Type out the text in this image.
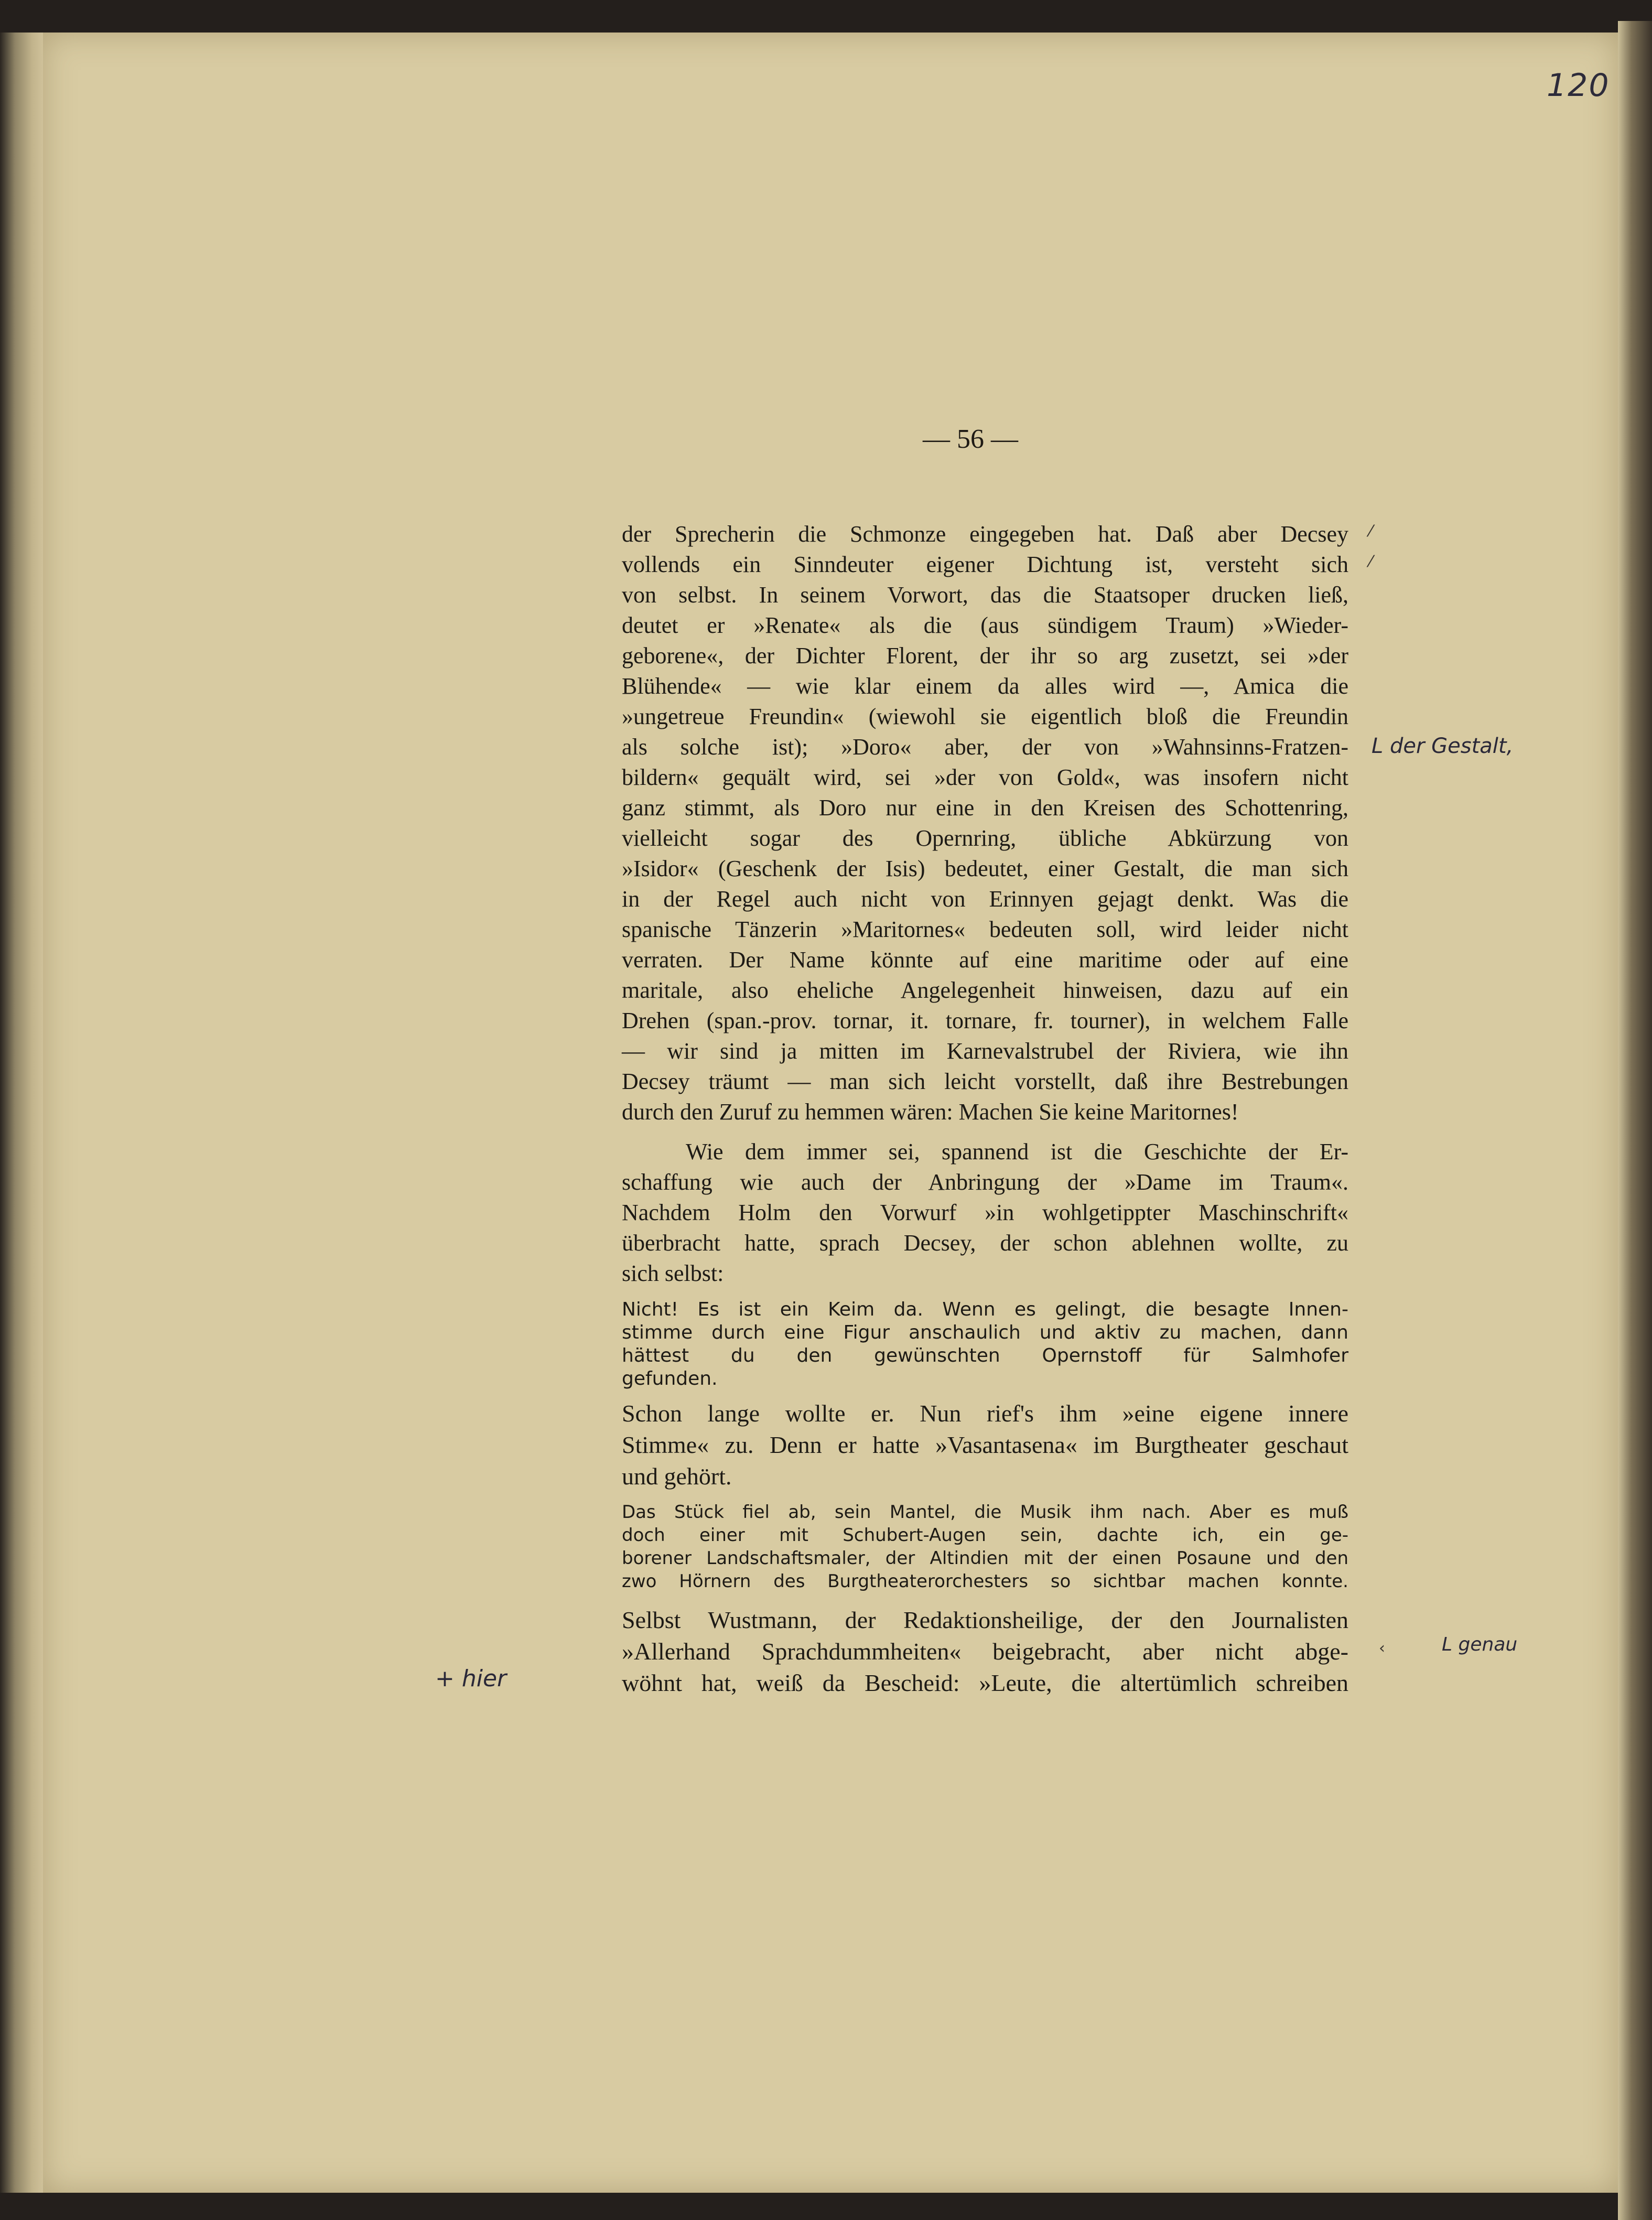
120
— 56 —
der Sprecherin die Schmonze eingegeben hat. Daß aber Decsey
vollends ein Sinndeuter eigener Dichtung ist, versteht sich
von selbst. In seinem Vorwort, das die Staatsoper drucken ließ,
deutet er »Renate« als die (aus sündigem Traum) »Wieder-
geborene«, der Dichter Florent, der ihr so arg zusetzt, sei »der
Blühende« — wie klar einem da alles wird —, Amica die
»ungetreue Freundin« (wiewohl sie eigentlich bloß die Freundin
als solche ist); »Doro« aber, der von »Wahnsinns-Fratzen-
bildern« gequält wird, sei »der von Gold«, was insofern nicht
ganz stimmt, als Doro nur eine in den Kreisen des Schottenring,
vielleicht sogar des Opernring, übliche Abkürzung von
»Isidor« (Geschenk der Isis) bedeutet, einer Gestalt, die man sich
in der Regel auch nicht von Erinnyen gejagt denkt. Was die
spanische Tänzerin »Maritornes« bedeuten soll, wird leider nicht
verraten. Der Name könnte auf eine maritime oder auf eine
maritale, also eheliche Angelegenheit hinweisen, dazu auf ein
Drehen (span.-prov. tornar, it. tornare, fr. tourner), in welchem Falle
— wir sind ja mitten im Karnevalstrubel der Riviera, wie ihn
Decsey träumt — man sich leicht vorstellt, daß ihre Bestrebungen
durch den Zuruf zu hemmen wären: Machen Sie keine Maritornes!
Wie dem immer sei, spannend ist die Geschichte der Er-
schaffung wie auch der Anbringung der »Dame im Traum«.
Nachdem Holm den Vorwurf »in wohlgetippter Maschinschrift«
überbracht hatte, sprach Decsey, der schon ablehnen wollte, zu
sich selbst:
Nicht! Es ist ein Keim da. Wenn es gelingt, die besagte Innen-
stimme durch eine Figur anschaulich und aktiv zu machen, dann
hättest du den gewünschten Opernstoff für Salmhofer
gefunden.
Schon lange wollte er. Nun rief's ihm »eine eigene innere
Stimme« zu. Denn er hatte »Vasantasena« im Burgtheater geschaut
und gehört.
Das Stück fiel ab, sein Mantel, die Musik ihm nach. Aber es muß
doch einer mit Schubert-Augen sein, dachte ich, ein ge-
borener Landschaftsmaler, der Altindien mit der einen Posaune und den
zwo Hörnern des Burgtheaterorchesters so sichtbar machen konnte.
Selbst Wustmann, der Redaktionsheilige, der den Journalisten
»Allerhand Sprachdummheiten« beigebracht, aber nicht abge-
wöhnt hat, weiß da Bescheid: »Leute, die altertümlich schreiben
⁄
⁄
‹
L der Gestalt,
L genau
+ hier
